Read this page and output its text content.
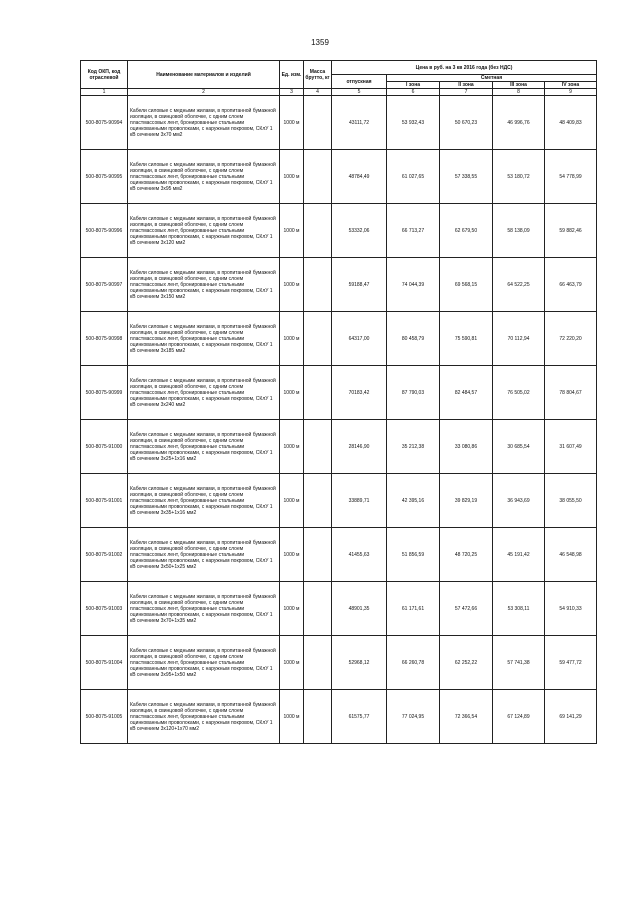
1359
Код ОКП, код отраслевой	Наименование материалов и изделий	Ед. изм.	Масса брутто, кг	Цена в руб. на 3 кв 2016 года (без НДС)				
				отпускная	Сметная			
					I зона	II зона	III зона	IV зона
1	2	3	4	5	6	7	8	9
500-8075-90994	Кабели силовые с медными жилами, в пропитанной бумажной изоляции, в свинцовой оболочке, с одним слоем пластмассовых лент, бронированные стальными оцинкованными проволоками, с наружным покровом, СКлУ 1 кВ сечением 3х70 мм2	1000 м		43111,72	53 932,43	50 670,23	46 996,76	48 409,83
500-8075-90995	Кабели силовые с медными жилами, в пропитанной бумажной изоляции, в свинцовой оболочке, с одним слоем пластмассовых лент, бронированные стальными оцинкованными проволоками, с наружным покровом, СКлУ 1 кВ сечением 3х95 мм2	1000 м		48784,49	61 027,65	57 338,55	53 180,72	54 778,99
500-8075-90996	Кабели силовые с медными жилами, в пропитанной бумажной изоляции, в свинцовой оболочке, с одним слоем пластмассовых лент, бронированные стальными оцинкованными проволоками, с наружным покровом, СКлУ 1 кВ сечением 3х120 мм2	1000 м		53332,06	66 713,27	62 679,50	58 138,09	59 882,46
500-8075-90997	Кабели силовые с медными жилами, в пропитанной бумажной изоляции, в свинцовой оболочке, с одним слоем пластмассовых лент, бронированные стальными оцинкованными проволоками, с наружным покровом, СКлУ 1 кВ сечением 3х150 мм2	1000 м		59188,47	74 044,39	69 568,15	64 522,25	66 463,79
500-8075-90998	Кабели силовые с медными жилами, в пропитанной бумажной изоляции, в свинцовой оболочке, с одним слоем пластмассовых лент, бронированные стальными оцинкованными проволоками, с наружным покровом, СКлУ 1 кВ сечением 3х185 мм2	1000 м		64317,00	80 458,79	75 590,81	70 112,94	72 220,20
500-8075-90999	Кабели силовые с медными жилами, в пропитанной бумажной изоляции, в свинцовой оболочке, с одним слоем пластмассовых лент, бронированные стальными оцинкованными проволоками, с наружным покровом, СКлУ 1 кВ сечением 3х240 мм2	1000 м		70183,42	87 790,03	82 484,57	76 505,02	78 804,67
500-8075-91000	Кабели силовые с медными жилами, в пропитанной бумажной изоляции, в свинцовой оболочке, с одним слоем пластмассовых лент, бронированные стальными оцинкованными проволоками, с наружным покровом, СКлУ 1 кВ сечением 3х25+1х16 мм2	1000 м		28146,90	35 212,38	33 080,86	30 685,54	31 607,49
500-8075-91001	Кабели силовые с медными жилами, в пропитанной бумажной изоляции, в свинцовой оболочке, с одним слоем пластмассовых лент, бронированные стальными оцинкованными проволоками, с наружным покровом, СКлУ 1 кВ сечением 3х35+1х16 мм2	1000 м		33889,71	42 395,16	39 829,19	36 943,69	38 055,50
500-8075-91002	Кабели силовые с медными жилами, в пропитанной бумажной изоляции, в свинцовой оболочке, с одним слоем пластмассовых лент, бронированные стальными оцинкованными проволоками, с наружным покровом, СКлУ 1 кВ сечением 3х50+1х25 мм2	1000 м		41455,63	51 856,59	48 720,25	45 191,42	46 548,98
500-8075-91003	Кабели силовые с медными жилами, в пропитанной бумажной изоляции, в свинцовой оболочке, с одним слоем пластмассовых лент, бронированные стальными оцинкованными проволоками, с наружным покровом, СКлУ 1 кВ сечением 3х70+1х35 мм2	1000 м		48901,35	61 171,61	57 472,66	53 308,11	54 910,33
500-8075-91004	Кабели силовые с медными жилами, в пропитанной бумажной изоляции, в свинцовой оболочке, с одним слоем пластмассовых лент, бронированные стальными оцинкованными проволоками, с наружным покровом, СКлУ 1 кВ сечением 3х95+1х50 мм2	1000 м		52968,12	66 260,78	62 252,22	57 741,38	59 477,72
500-8075-91005	Кабели силовые с медными жилами, в пропитанной бумажной изоляции, в свинцовой оболочке, с одним слоем пластмассовых лент, бронированные стальными оцинкованными проволоками, с наружным покровом, СКлУ 1 кВ сечением 3х120+1х70 мм2	1000 м		61575,77	77 024,95	72 366,54	67 124,89	69 141,29
